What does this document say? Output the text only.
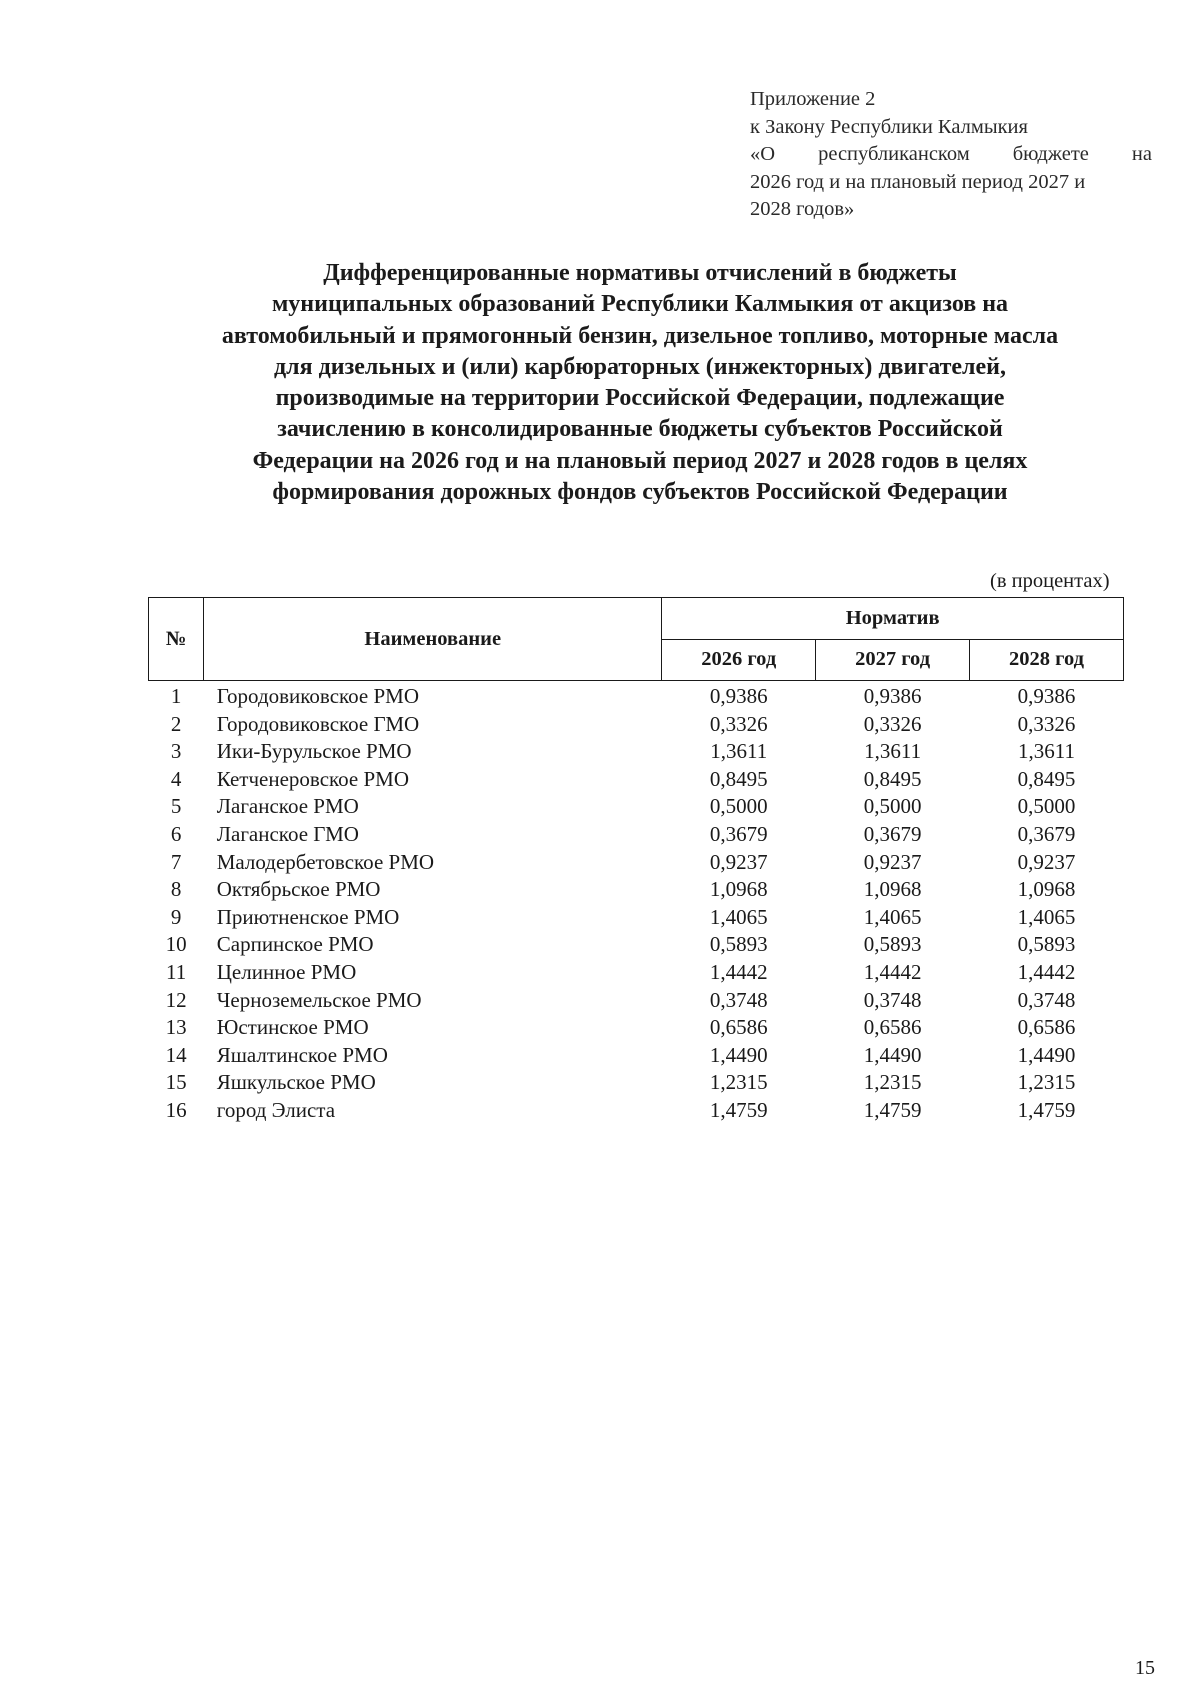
Приложение 2
к Закону Республики Калмыкия
«О республиканском бюджете на
2026 год и на плановый период 2027 и
2028 годов»
Дифференцированные нормативы отчислений в бюджеты
муниципальных образований Республики Калмыкия от акцизов на
автомобильный и прямогонный бензин, дизельное топливо, моторные масла
для дизельных и (или) карбюраторных (инжекторных) двигателей,
производимые на территории Российской Федерации, подлежащие
зачислению в консолидированные бюджеты субъектов Российской
Федерации на 2026 год и на плановый период 2027 и 2028 годов в целях
формирования дорожных фондов субъектов Российской Федерации
(в процентах)
№	Наименование	Норматив		
		2026 год	2027 год	2028 год
1	Городовиковское РМО	0,9386	0,9386	0,9386
2	Городовиковское ГМО	0,3326	0,3326	0,3326
3	Ики-Бурульское РМО	1,3611	1,3611	1,3611
4	Кетченеровское РМО	0,8495	0,8495	0,8495
5	Лаганское РМО	0,5000	0,5000	0,5000
6	Лаганское ГМО	0,3679	0,3679	0,3679
7	Малодербетовское РМО	0,9237	0,9237	0,9237
8	Октябрьское РМО	1,0968	1,0968	1,0968
9	Приютненское РМО	1,4065	1,4065	1,4065
10	Сарпинское РМО	0,5893	0,5893	0,5893
11	Целинное РМО	1,4442	1,4442	1,4442
12	Черноземельское РМО	0,3748	0,3748	0,3748
13	Юстинское РМО	0,6586	0,6586	0,6586
14	Яшалтинское РМО	1,4490	1,4490	1,4490
15	Яшкульское РМО	1,2315	1,2315	1,2315
16	город Элиста	1,4759	1,4759	1,4759
15
